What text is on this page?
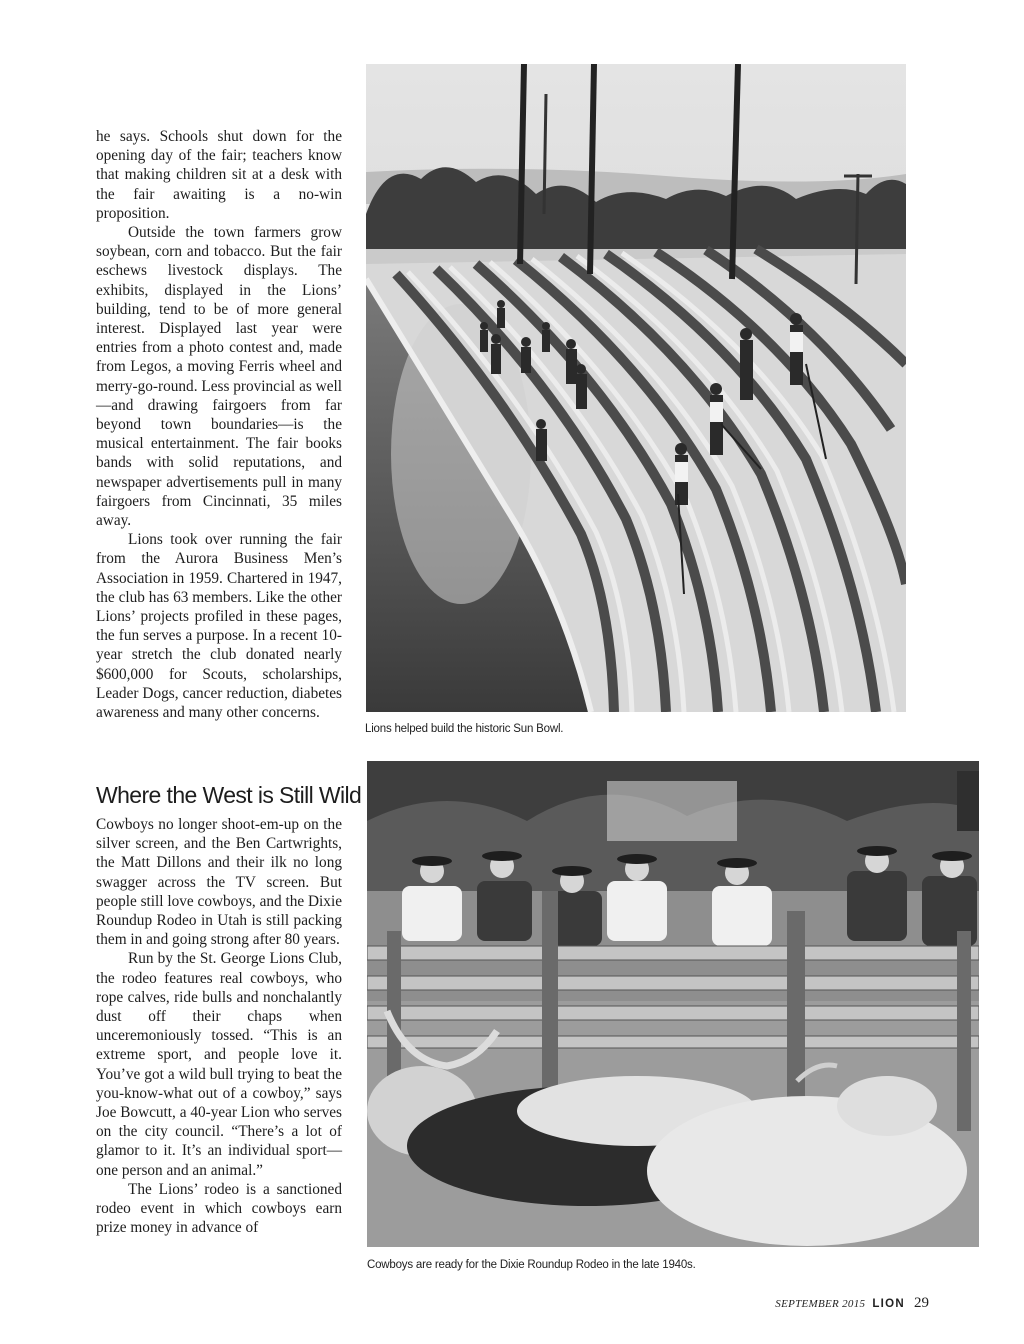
he says. Schools shut down for the opening day of the fair; teachers know that making children sit at a desk with the fair awaiting is a no-win proposition.

Outside the town farmers grow soybean, corn and tobacco. But the fair eschews livestock displays. The exhibits, displayed in the Lions’ building, tend to be of more general interest. Displayed last year were entries from a photo contest and, made from Legos, a moving Ferris wheel and merry-go-round. Less provincial as well—and drawing fairgoers from far beyond town boundaries—is the musical entertainment. The fair books bands with solid reputations, and newspaper advertisements pull in many fairgoers from Cincinnati, 35 miles away.

Lions took over running the fair from the Aurora Business Men’s Association in 1959. Chartered in 1947, the club has 63 members. Like the other Lions’ projects profiled in these pages, the fun serves a purpose. In a recent 10-year stretch the club donated nearly $600,000 for Scouts, scholarships, Leader Dogs, cancer reduction, diabetes awareness and many other concerns.

Where the West is Still Wild

Cowboys no longer shoot-em-up on the silver screen, and the Ben Cartwrights, the Matt Dillons and their ilk no long swagger across the TV screen. But people still love cowboys, and the Dixie Roundup Rodeo in Utah is still packing them in and going strong after 80 years.

Run by the St. George Lions Club, the rodeo features real cowboys, who rope calves, ride bulls and nonchalantly dust off their chaps when unceremoniously tossed. “This is an extreme sport, and people love it. You’ve got a wild bull trying to beat the you-know-what out of a cowboy,” says Joe Bowcutt, a 40-year Lion who serves on the city council. “There’s a lot of glamor to it. It’s an individual sport—one person and an animal.”

The Lions’ rodeo is a sanctioned rodeo event in which cowboys earn prize money in advance of

Lions helped build the historic Sun Bowl.
Cowboys are ready for the Dixie Roundup Rodeo in the late 1940s.
SEPTEMBER 2015 LION 29
